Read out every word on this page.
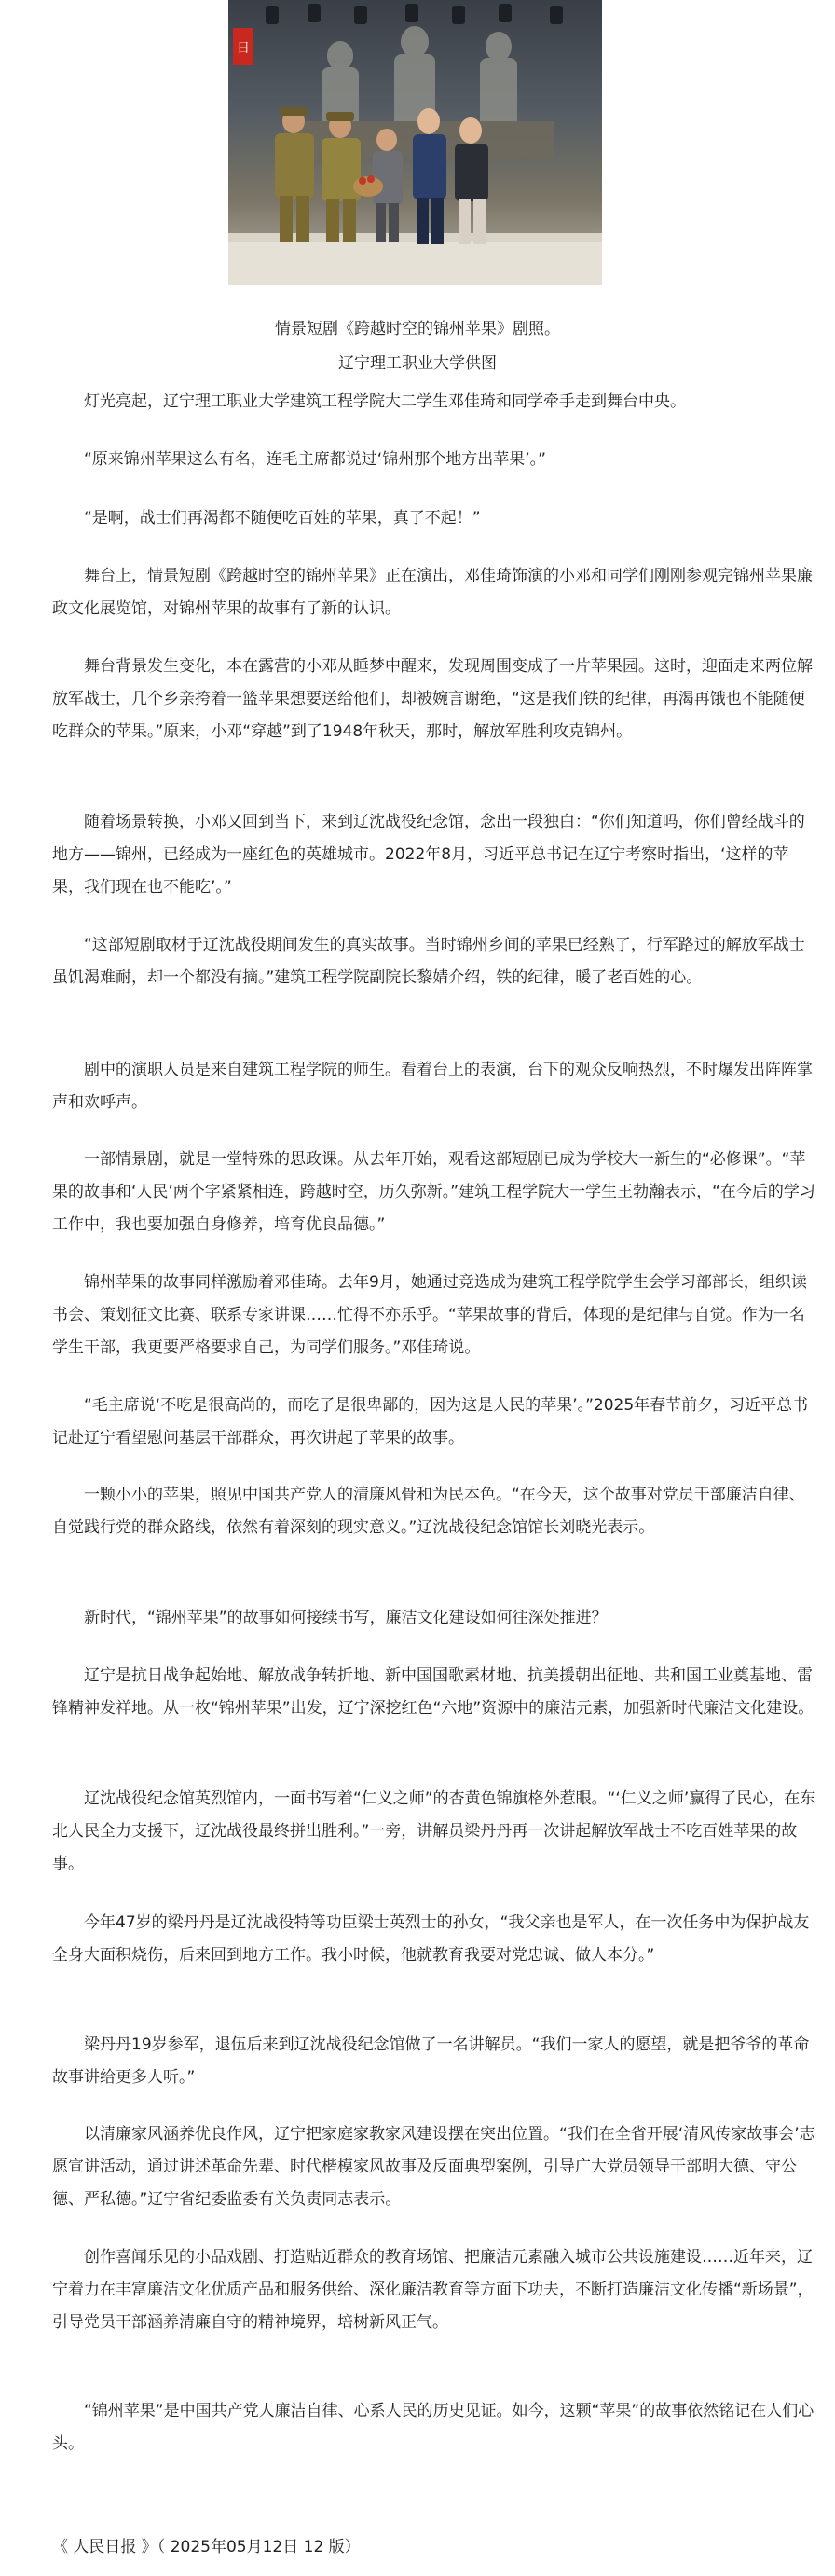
日
情景短剧《跨越时空的锦州苹果》剧照。
辽宁理工职业大学供图

灯光亮起，辽宁理工职业大学建筑工程学院大二学生邓佳琦和同学牵手走到舞台中央。

“原来锦州苹果这么有名，连毛主席都说过‘锦州那个地方出苹果’。”

“是啊，战士们再渴都不随便吃百姓的苹果，真了不起！”

舞台上，情景短剧《跨越时空的锦州苹果》正在演出，邓佳琦饰演的小邓和同学们刚刚参观完锦州苹果廉政文化展览馆，对锦州苹果的故事有了新的认识。

舞台背景发生变化，本在露营的小邓从睡梦中醒来，发现周围变成了一片苹果园。这时，迎面走来两位解放军战士，几个乡亲挎着一篮苹果想要送给他们，却被婉言谢绝，“这是我们铁的纪律，再渴再饿也不能随便吃群众的苹果。”原来，小邓“穿越”到了1948年秋天，那时，解放军胜利攻克锦州。

随着场景转换，小邓又回到当下，来到辽沈战役纪念馆，念出一段独白：“你们知道吗，你们曾经战斗的地方——锦州，已经成为一座红色的英雄城市。2022年8月，习近平总书记在辽宁考察时指出，‘这样的苹果，我们现在也不能吃’。”

“这部短剧取材于辽沈战役期间发生的真实故事。当时锦州乡间的苹果已经熟了，行军路过的解放军战士虽饥渴难耐，却一个都没有摘。”建筑工程学院副院长黎婧介绍，铁的纪律，暖了老百姓的心。

剧中的演职人员是来自建筑工程学院的师生。看着台上的表演，台下的观众反响热烈，不时爆发出阵阵掌声和欢呼声。

一部情景剧，就是一堂特殊的思政课。从去年开始，观看这部短剧已成为学校大一新生的“必修课”。“苹果的故事和‘人民’两个字紧紧相连，跨越时空，历久弥新。”建筑工程学院大一学生王勃瀚表示，“在今后的学习工作中，我也要加强自身修养，培育优良品德。”

锦州苹果的故事同样激励着邓佳琦。去年9月，她通过竞选成为建筑工程学院学生会学习部部长，组织读书会、策划征文比赛、联系专家讲课……忙得不亦乐乎。“苹果故事的背后，体现的是纪律与自觉。作为一名学生干部，我更要严格要求自己，为同学们服务。”邓佳琦说。

“毛主席说‘不吃是很高尚的，而吃了是很卑鄙的，因为这是人民的苹果’。”2025年春节前夕，习近平总书记赴辽宁看望慰问基层干部群众，再次讲起了苹果的故事。

一颗小小的苹果，照见中国共产党人的清廉风骨和为民本色。“在今天，这个故事对党员干部廉洁自律、自觉践行党的群众路线，依然有着深刻的现实意义。”辽沈战役纪念馆馆长刘晓光表示。

新时代，“锦州苹果”的故事如何接续书写，廉洁文化建设如何往深处推进？

辽宁是抗日战争起始地、解放战争转折地、新中国国歌素材地、抗美援朝出征地、共和国工业奠基地、雷锋精神发祥地。从一枚“锦州苹果”出发，辽宁深挖红色“六地”资源中的廉洁元素，加强新时代廉洁文化建设。

辽沈战役纪念馆英烈馆内，一面书写着“仁义之师”的杏黄色锦旗格外惹眼。“‘仁义之师’赢得了民心，在东北人民全力支援下，辽沈战役最终拼出胜利。”一旁，讲解员梁丹丹再一次讲起解放军战士不吃百姓苹果的故事。

今年47岁的梁丹丹是辽沈战役特等功臣梁士英烈士的孙女，“我父亲也是军人，在一次任务中为保护战友全身大面积烧伤，后来回到地方工作。我小时候，他就教育我要对党忠诚、做人本分。”

梁丹丹19岁参军，退伍后来到辽沈战役纪念馆做了一名讲解员。“我们一家人的愿望，就是把爷爷的革命故事讲给更多人听。”

以清廉家风涵养优良作风，辽宁把家庭家教家风建设摆在突出位置。“我们在全省开展‘清风传家故事会’志愿宣讲活动，通过讲述革命先辈、时代楷模家风故事及反面典型案例，引导广大党员领导干部明大德、守公德、严私德。”辽宁省纪委监委有关负责同志表示。

创作喜闻乐见的小品戏剧、打造贴近群众的教育场馆、把廉洁元素融入城市公共设施建设……近年来，辽宁着力在丰富廉洁文化优质产品和服务供给、深化廉洁教育等方面下功夫，不断打造廉洁文化传播“新场景”，引导党员干部涵养清廉自守的精神境界，培树新风正气。

“锦州苹果”是中国共产党人廉洁自律、心系人民的历史见证。如今，这颗“苹果”的故事依然铭记在人们心头。

《 人民日报 》（ 2025年05月12日 12 版）
